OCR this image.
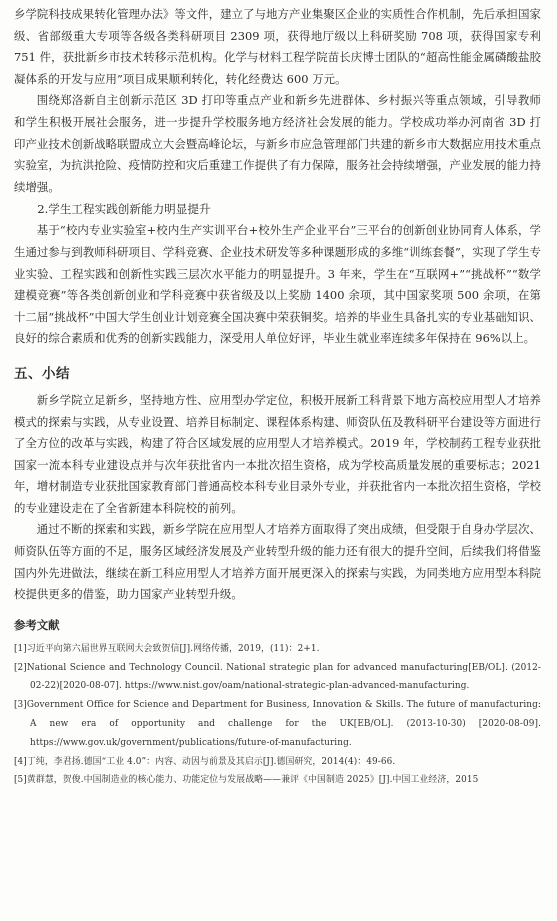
乡学院科技成果转化管理办法》等文件，建立了与地方产业集聚区企业的实质性合作机制，先后承担国家级、省部级重大专项等各级各类科研项目 2309 项，获得地厅级以上科研奖励 708 项，获得国家专利 751 件，获批新乡市技术转移示范机构。化学与材料工程学院苗长庆博士团队的“超高性能金属磷酸盐胶凝体系的开发与应用”项目成果顺利转化，转化经费达 600 万元。

围绕郑洛新自主创新示范区 3D 打印等重点产业和新乡先进群体、乡村振兴等重点领域，引导教师和学生积极开展社会服务，进一步提升学校服务地方经济社会发展的能力。学校成功举办河南省 3D 打印产业技术创新战略联盟成立大会暨高峰论坛，与新乡市应急管理部门共建的新乡市大数据应用技术重点实验室，为抗洪抢险、疫情防控和灾后重建工作提供了有力保障，服务社会持续增强，产业发展的能力持续增强。

2.学生工程实践创新能力明显提升

基于“校内专业实验室+校内生产实训平台+校外生产企业平台”三平台的创新创业协同育人体系，学生通过参与到教师科研项目、学科竞赛、企业技术研发等多种课题形成的多维“训练套餐”，实现了学生专业实验、工程实践和创新性实践三层次水平能力的明显提升。3 年来，学生在“互联网+”“挑战杯”“数学建模竞赛”等各类创新创业和学科竞赛中获省级及以上奖励 1400 余项，其中国家奖项 500 余项，在第十二届“挑战杯”中国大学生创业计划竞赛全国决赛中荣获铜奖。培养的毕业生具备扎实的专业基础知识、良好的综合素质和优秀的创新实践能力，深受用人单位好评，毕业生就业率连续多年保持在 96%以上。

五、小结

新乡学院立足新乡，坚持地方性、应用型办学定位，积极开展新工科背景下地方高校应用型人才培养模式的探索与实践，从专业设置、培养目标制定、课程体系构建、师资队伍及教科研平台建设等方面进行了全方位的改革与实践，构建了符合区域发展的应用型人才培养模式。2019 年，学校制药工程专业获批国家一流本科专业建设点并与次年获批省内一本批次招生资格，成为学校高质量发展的重要标志；2021 年，增材制造专业获批国家教育部门普通高校本科专业目录外专业，并获批省内一本批次招生资格，学校的专业建设走在了全省新建本科院校的前列。

通过不断的探索和实践，新乡学院在应用型人才培养方面取得了突出成绩，但受限于自身办学层次、师资队伍等方面的不足，服务区域经济发展及产业转型升级的能力还有很大的提升空间，后续我们将借鉴国内外先进做法，继续在新工科应用型人才培养方面开展更深入的探索与实践，为同类地方应用型本科院校提供更多的借鉴，助力国家产业转型升级。

参考文献

[1]习近平向第六届世界互联网大会致贺信[J].网络传播，2019，(11)：2+1.

[2]National Science and Technology Council. National strategic plan for advanced manufacturing[EB/OL]. (2012-02-22)[2020-08-07]. https://www.nist.gov/oam/national-strategic-plan-advanced-manufacturing.

[3]Government Office for Science and Department for Business, Innovation & Skills. The future of manufacturing: A new era of opportunity and challenge for the UK[EB/OL]. (2013-10-30) [2020-08-09]. https://www.gov.uk/government/publications/future-of-manufacturing.

[4]丁纯，李君扬.德国“工业 4.0”：内容、动因与前景及其启示[J].德国研究，2014(4)：49-66.

[5]黄群慧，贺俊.中国制造业的核心能力、功能定位与发展战略——兼评《中国制造 2025》[J].中国工业经济，2015
